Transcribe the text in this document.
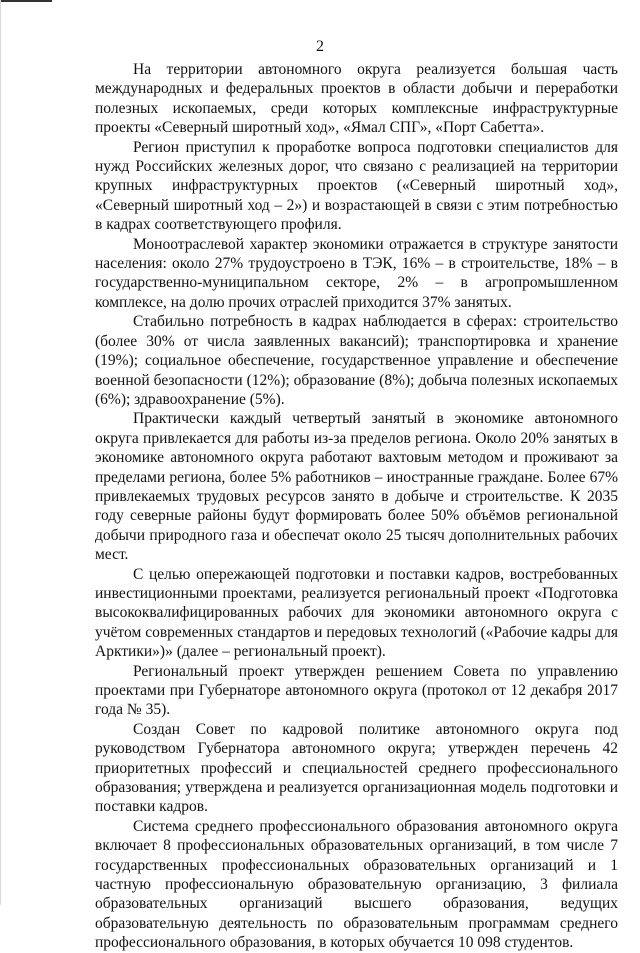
2

На территории автономного округа реализуется большая часть международных и федеральных проектов в области добычи и переработки полезных ископаемых, среди которых комплексные инфраструктурные проекты «Северный широтный ход», «Ямал СПГ», «Порт Сабетта».

Регион приступил к проработке вопроса подготовки специалистов для нужд Российских железных дорог, что связано с реализацией на территории крупных инфраструктурных проектов («Северный широтный ход», «Северный широтный ход – 2») и возрастающей в связи с этим потребностью в кадрах соответствующего профиля.

Моноотраслевой характер экономики отражается в структуре занятости населения: около 27% трудоустроено в ТЭК, 16% – в строительстве, 18% – в государственно-муниципальном секторе, 2% – в агропромышленном комплексе, на долю прочих отраслей приходится 37% занятых.

Стабильно потребность в кадрах наблюдается в сферах: строительство (более 30% от числа заявленных вакансий); транспортировка и хранение (19%); социальное обеспечение, государственное управление и обеспечение военной безопасности (12%); образование (8%); добыча полезных ископаемых (6%); здравоохранение (5%).

Практически каждый четвертый занятый в экономике автономного округа привлекается для работы из-за пределов региона. Около 20% занятых в экономике автономного округа работают вахтовым методом и проживают за пределами региона, более 5% работников – иностранные граждане. Более 67% привлекаемых трудовых ресурсов занято в добыче и строительстве. К 2035 году северные районы будут формировать более 50% объёмов региональной добычи природного газа и обеспечат около 25 тысяч дополнительных рабочих мест.

С целью опережающей подготовки и поставки кадров, востребованных инвестиционными проектами, реализуется региональный проект «Подготовка высококвалифицированных рабочих для экономики автономного округа с учётом современных стандартов и передовых технологий («Рабочие кадры для Арктики»)» (далее – региональный проект).

Региональный проект утвержден решением Совета по управлению проектами при Губернаторе автономного округа (протокол от 12 декабря 2017 года № 35).

Создан Совет по кадровой политике автономного округа под руководством Губернатора автономного округа; утвержден перечень 42 приоритетных профессий и специальностей среднего профессионального образования; утверждена и реализуется организационная модель подготовки и поставки кадров.

Система среднего профессионального образования автономного округа включает 8 профессиональных образовательных организаций, в том числе 7 государственных профессиональных образовательных организаций и 1 частную профессиональную образовательную организацию, 3 филиала образовательных организаций высшего образования, ведущих образовательную деятельность по образовательным программам среднего профессионального образования, в которых обучается 10 098 студентов.
